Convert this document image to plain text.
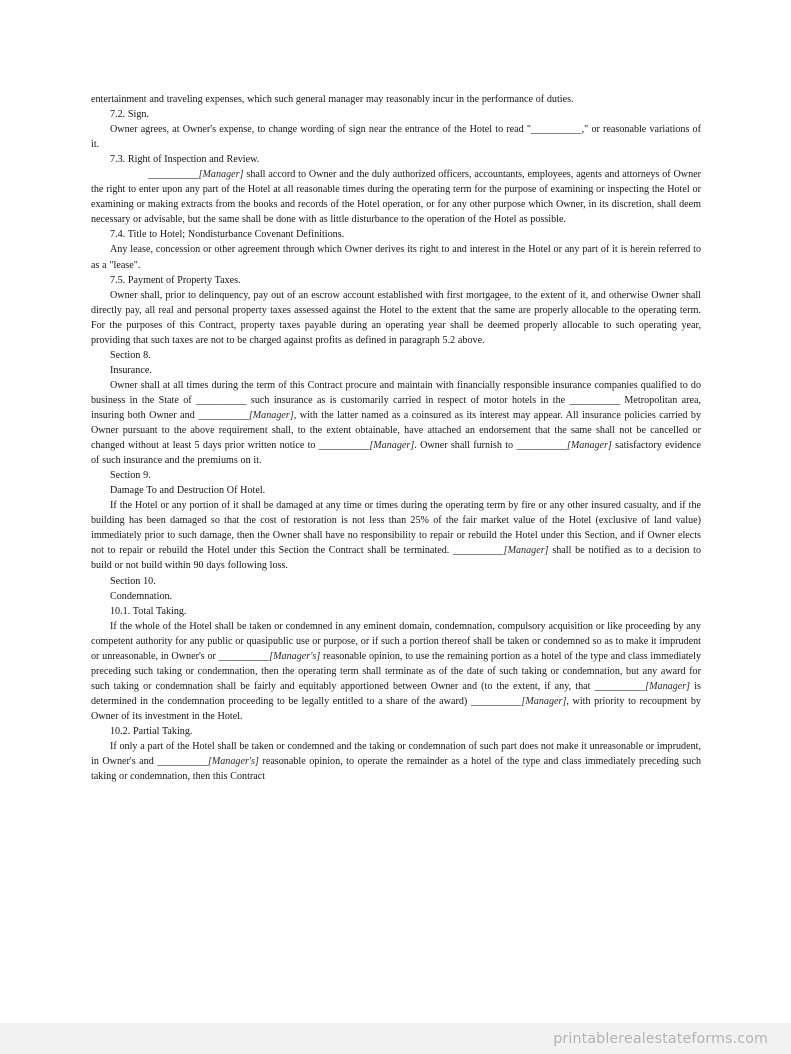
entertainment and traveling expenses, which such general manager may reasonably incur in the performance of duties.

7.2. Sign.

Owner agrees, at Owner's expense, to change wording of sign near the entrance of the Hotel to read "__________," or reasonable variations of it.

7.3. Right of Inspection and Review.

__________[Manager] shall accord to Owner and the duly authorized officers, accountants, employees, agents and attorneys of Owner the right to enter upon any part of the Hotel at all reasonable times during the operating term for the purpose of examining or inspecting the Hotel or examining or making extracts from the books and records of the Hotel operation, or for any other purpose which Owner, in its discretion, shall deem necessary or advisable, but the same shall be done with as little disturbance to the operation of the Hotel as possible.

7.4. Title to Hotel; Nondisturbance Covenant Definitions.

Any lease, concession or other agreement through which Owner derives its right to and interest in the Hotel or any part of it is herein referred to as a "lease".

7.5. Payment of Property Taxes.

Owner shall, prior to delinquency, pay out of an escrow account established with first mortgagee, to the extent of it, and otherwise Owner shall directly pay, all real and personal property taxes assessed against the Hotel to the extent that the same are properly allocable to the operating term. For the purposes of this Contract, property taxes payable during an operating year shall be deemed properly allocable to such operating year, providing that such taxes are not to be charged against profits as defined in paragraph 5.2 above.

Section 8.

Insurance.

Owner shall at all times during the term of this Contract procure and maintain with financially responsible insurance companies qualified to do business in the State of __________ such insurance as is customarily carried in respect of motor hotels in the __________ Metropolitan area, insuring both Owner and __________[Manager], with the latter named as a coinsured as its interest may appear. All insurance policies carried by Owner pursuant to the above requirement shall, to the extent obtainable, have attached an endorsement that the same shall not be cancelled or changed without at least 5 days prior written notice to __________[Manager]. Owner shall furnish to __________[Manager] satisfactory evidence of such insurance and the premiums on it.

Section 9.

Damage To and Destruction Of Hotel.

If the Hotel or any portion of it shall be damaged at any time or times during the operating term by fire or any other insured casualty, and if the building has been damaged so that the cost of restoration is not less than 25% of the fair market value of the Hotel (exclusive of land value) immediately prior to such damage, then the Owner shall have no responsibility to repair or rebuild the Hotel under this Section, and if Owner elects not to repair or rebuild the Hotel under this Section the Contract shall be terminated. __________[Manager] shall be notified as to a decision to build or not build within 90 days following loss.

Section 10.

Condemnation.

10.1. Total Taking.

If the whole of the Hotel shall be taken or condemned in any eminent domain, condemnation, compulsory acquisition or like proceeding by any competent authority for any public or quasipublic use or purpose, or if such a portion thereof shall be taken or condemned so as to make it imprudent or unreasonable, in Owner's or __________[Manager's] reasonable opinion, to use the remaining portion as a hotel of the type and class immediately preceding such taking or condemnation, then the operating term shall terminate as of the date of such taking or condemnation, but any award for such taking or condemnation shall be fairly and equitably apportioned between Owner and (to the extent, if any, that __________[Manager] is determined in the condemnation proceeding to be legally entitled to a share of the award) __________[Manager], with priority to recoupment by Owner of its investment in the Hotel.

10.2. Partial Taking.

If only a part of the Hotel shall be taken or condemned and the taking or condemnation of such part does not make it unreasonable or imprudent, in Owner's and __________[Manager's] reasonable opinion, to operate the remainder as a hotel of the type and class immediately preceding such taking or condemnation, then this Contract

printablerealestateforms.com
